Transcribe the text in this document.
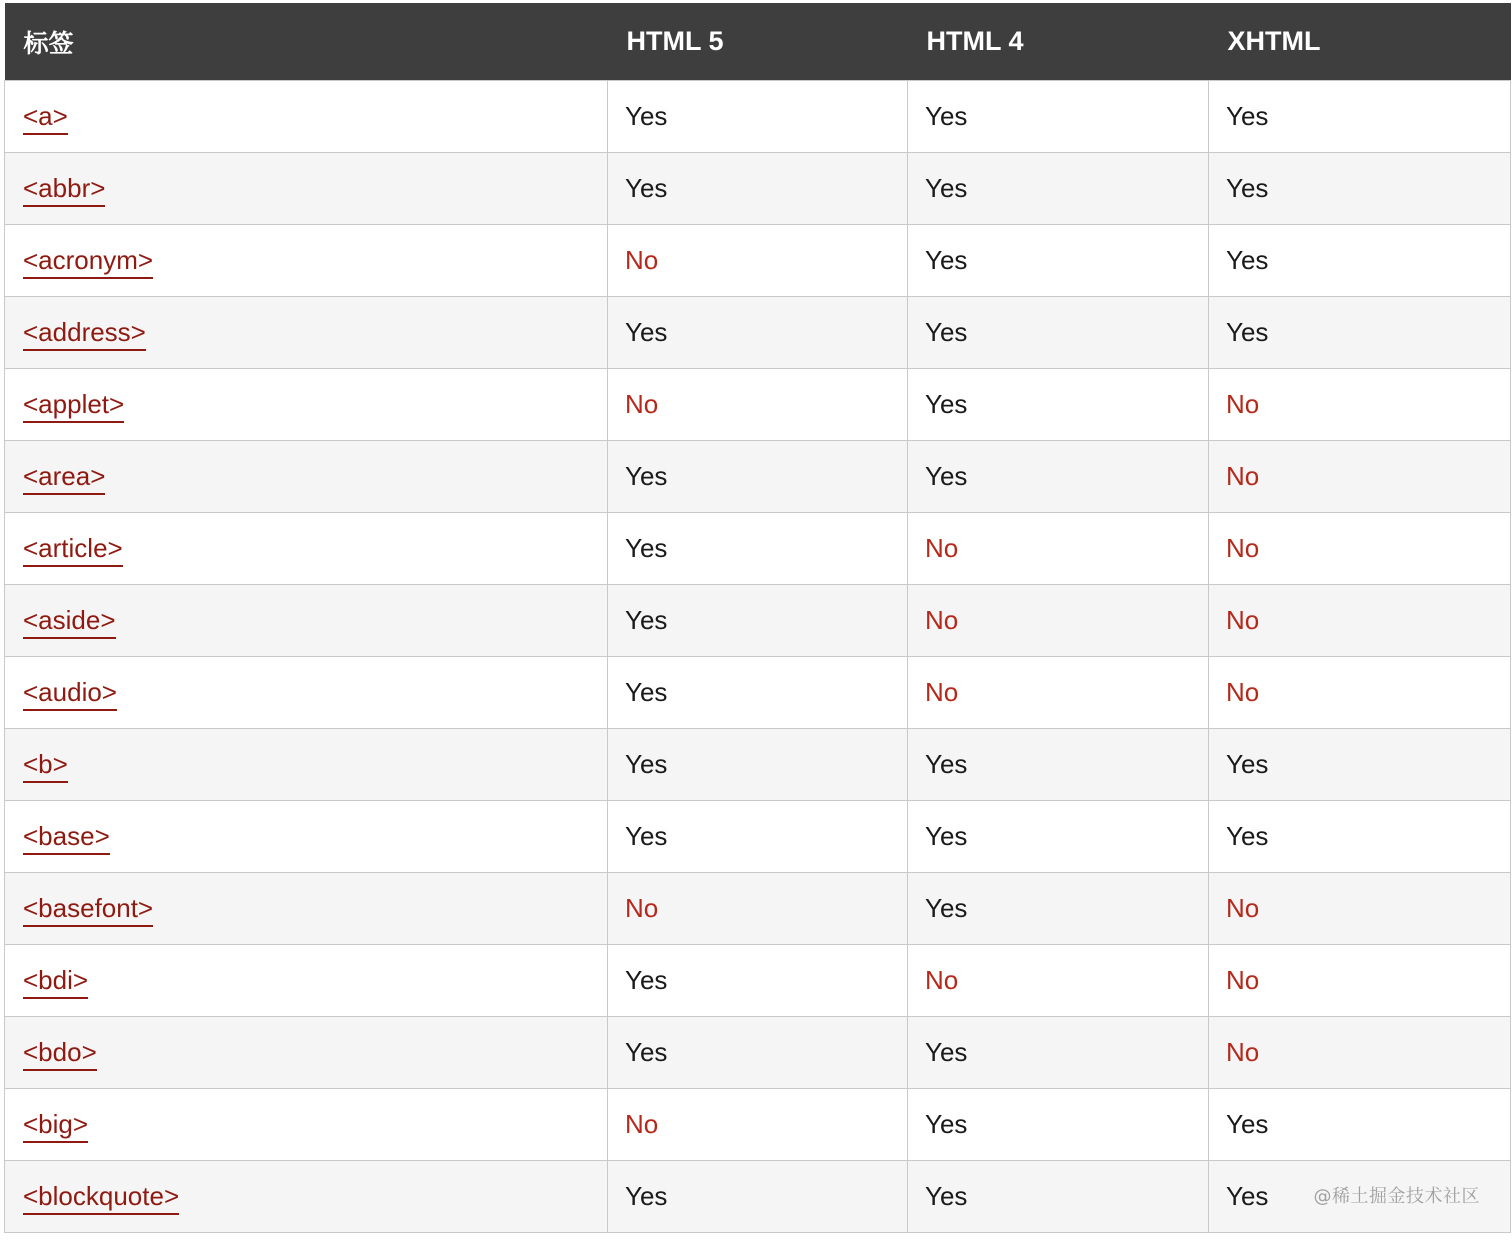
标签	HTML 5	HTML 4	XHTML
<a>	Yes	Yes	Yes
<abbr>	Yes	Yes	Yes
<acronym>	No	Yes	Yes
<address>	Yes	Yes	Yes
<applet>	No	Yes	No
<area>	Yes	Yes	No
<article>	Yes	No	No
<aside>	Yes	No	No
<audio>	Yes	No	No
<b>	Yes	Yes	Yes
<base>	Yes	Yes	Yes
<basefont>	No	Yes	No
<bdi>	Yes	No	No
<bdo>	Yes	Yes	No
<big>	No	Yes	Yes
<blockquote>	Yes	Yes	Yes	@稀土掘金技术社区
